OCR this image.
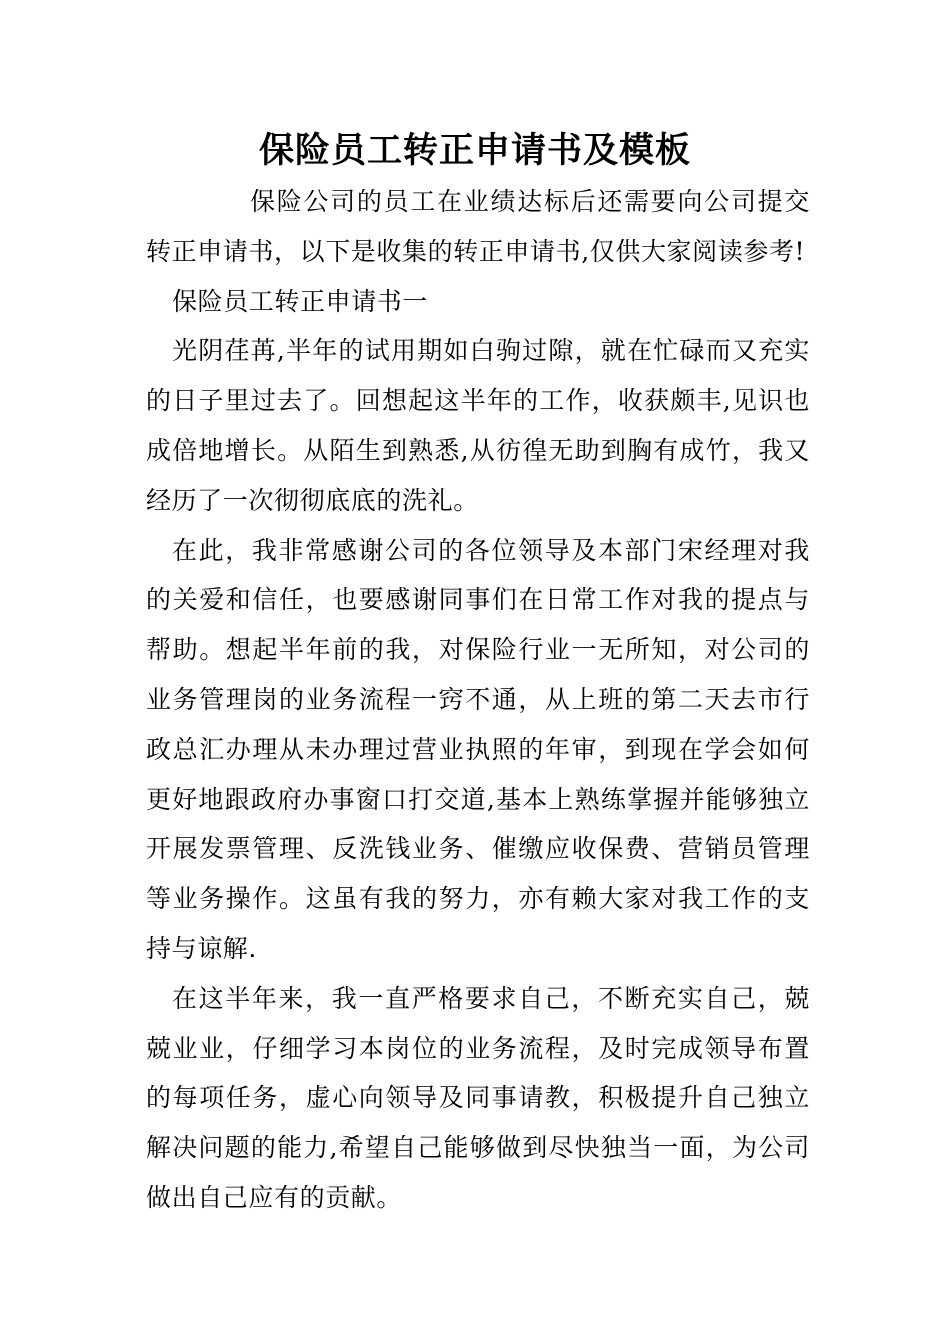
保险员工转正申请书及模板

保险公司的员工在业绩达标后还需要向公司提交转正申请书，以下是收集的转正申请书,仅供大家阅读参考!

保险员工转正申请书一

光阴荏苒,半年的试用期如白驹过隙，就在忙碌而又充实的日子里过去了。回想起这半年的工作，收获颇丰,见识也成倍地增长。从陌生到熟悉,从彷徨无助到胸有成竹，我又经历了一次彻彻底底的洗礼。

在此，我非常感谢公司的各位领导及本部门宋经理对我的关爱和信任，也要感谢同事们在日常工作对我的提点与帮助。想起半年前的我，对保险行业一无所知，对公司的业务管理岗的业务流程一窍不通，从上班的第二天去市行政总汇办理从未办理过营业执照的年审，到现在学会如何更好地跟政府办事窗口打交道,基本上熟练掌握并能够独立开展发票管理、反洗钱业务、催缴应收保费、营销员管理等业务操作。这虽有我的努力，亦有赖大家对我工作的支持与谅解.

在这半年来，我一直严格要求自己，不断充实自己，兢兢业业，仔细学习本岗位的业务流程，及时完成领导布置的每项任务，虚心向领导及同事请教，积极提升自己独立解决问题的能力,希望自己能够做到尽快独当一面，为公司做出自己应有的贡献。
